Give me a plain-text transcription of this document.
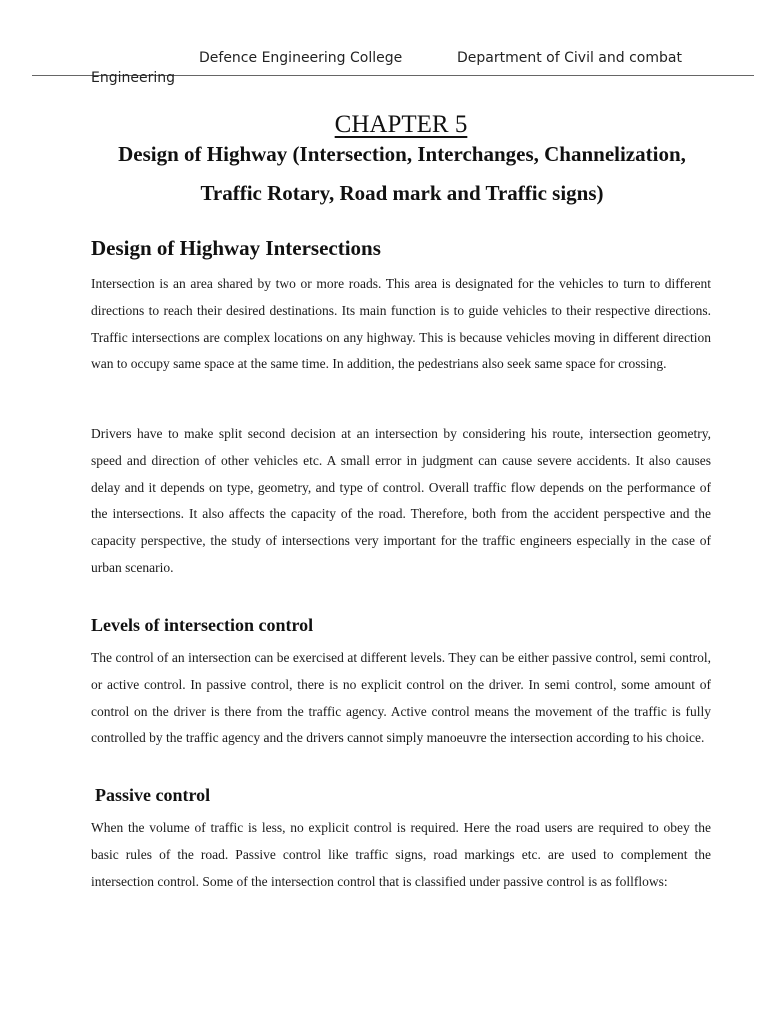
Defence Engineering College	Department of Civil and combat
Engineering
CHAPTER 5
Design of Highway (Intersection, Interchanges, Channelization,
Traffic Rotary, Road mark and Traffic signs)
Design of Highway Intersections

Intersection is an area shared by two or more roads. This area is designated for the vehicles to turn to different directions to reach their desired destinations. Its main function is to guide vehicles to their respective directions. Traffic intersections are complex locations on any highway. This is because vehicles moving in different direction wan to occupy same space at the same time. In addition, the pedestrians also seek same space for crossing.

Drivers have to make split second decision at an intersection by considering his route, intersection geometry, speed and direction of other vehicles etc. A small error in judgment can cause severe accidents. It also causes delay and it depends on type, geometry, and type of control. Overall traffic flow depends on the performance of the intersections. It also affects the capacity of the road. Therefore, both from the accident perspective and the capacity perspective, the study of intersections very important for the traffic engineers especially in the case of urban scenario.

Levels of intersection control

The control of an intersection can be exercised at different levels. They can be either passive control, semi control, or active control. In passive control, there is no explicit control on the driver. In semi control, some amount of control on the driver is there from the traffic agency. Active control means the movement of the traffic is fully controlled by the traffic agency and the drivers cannot simply manoeuvre the intersection according to his choice.

Passive control

When the volume of traffic is less, no explicit control is required. Here the road users are required to obey the basic rules of the road. Passive control like traffic signs, road markings etc. are used to complement the intersection control. Some of the intersection control that is classified under passive control is as follflows:
